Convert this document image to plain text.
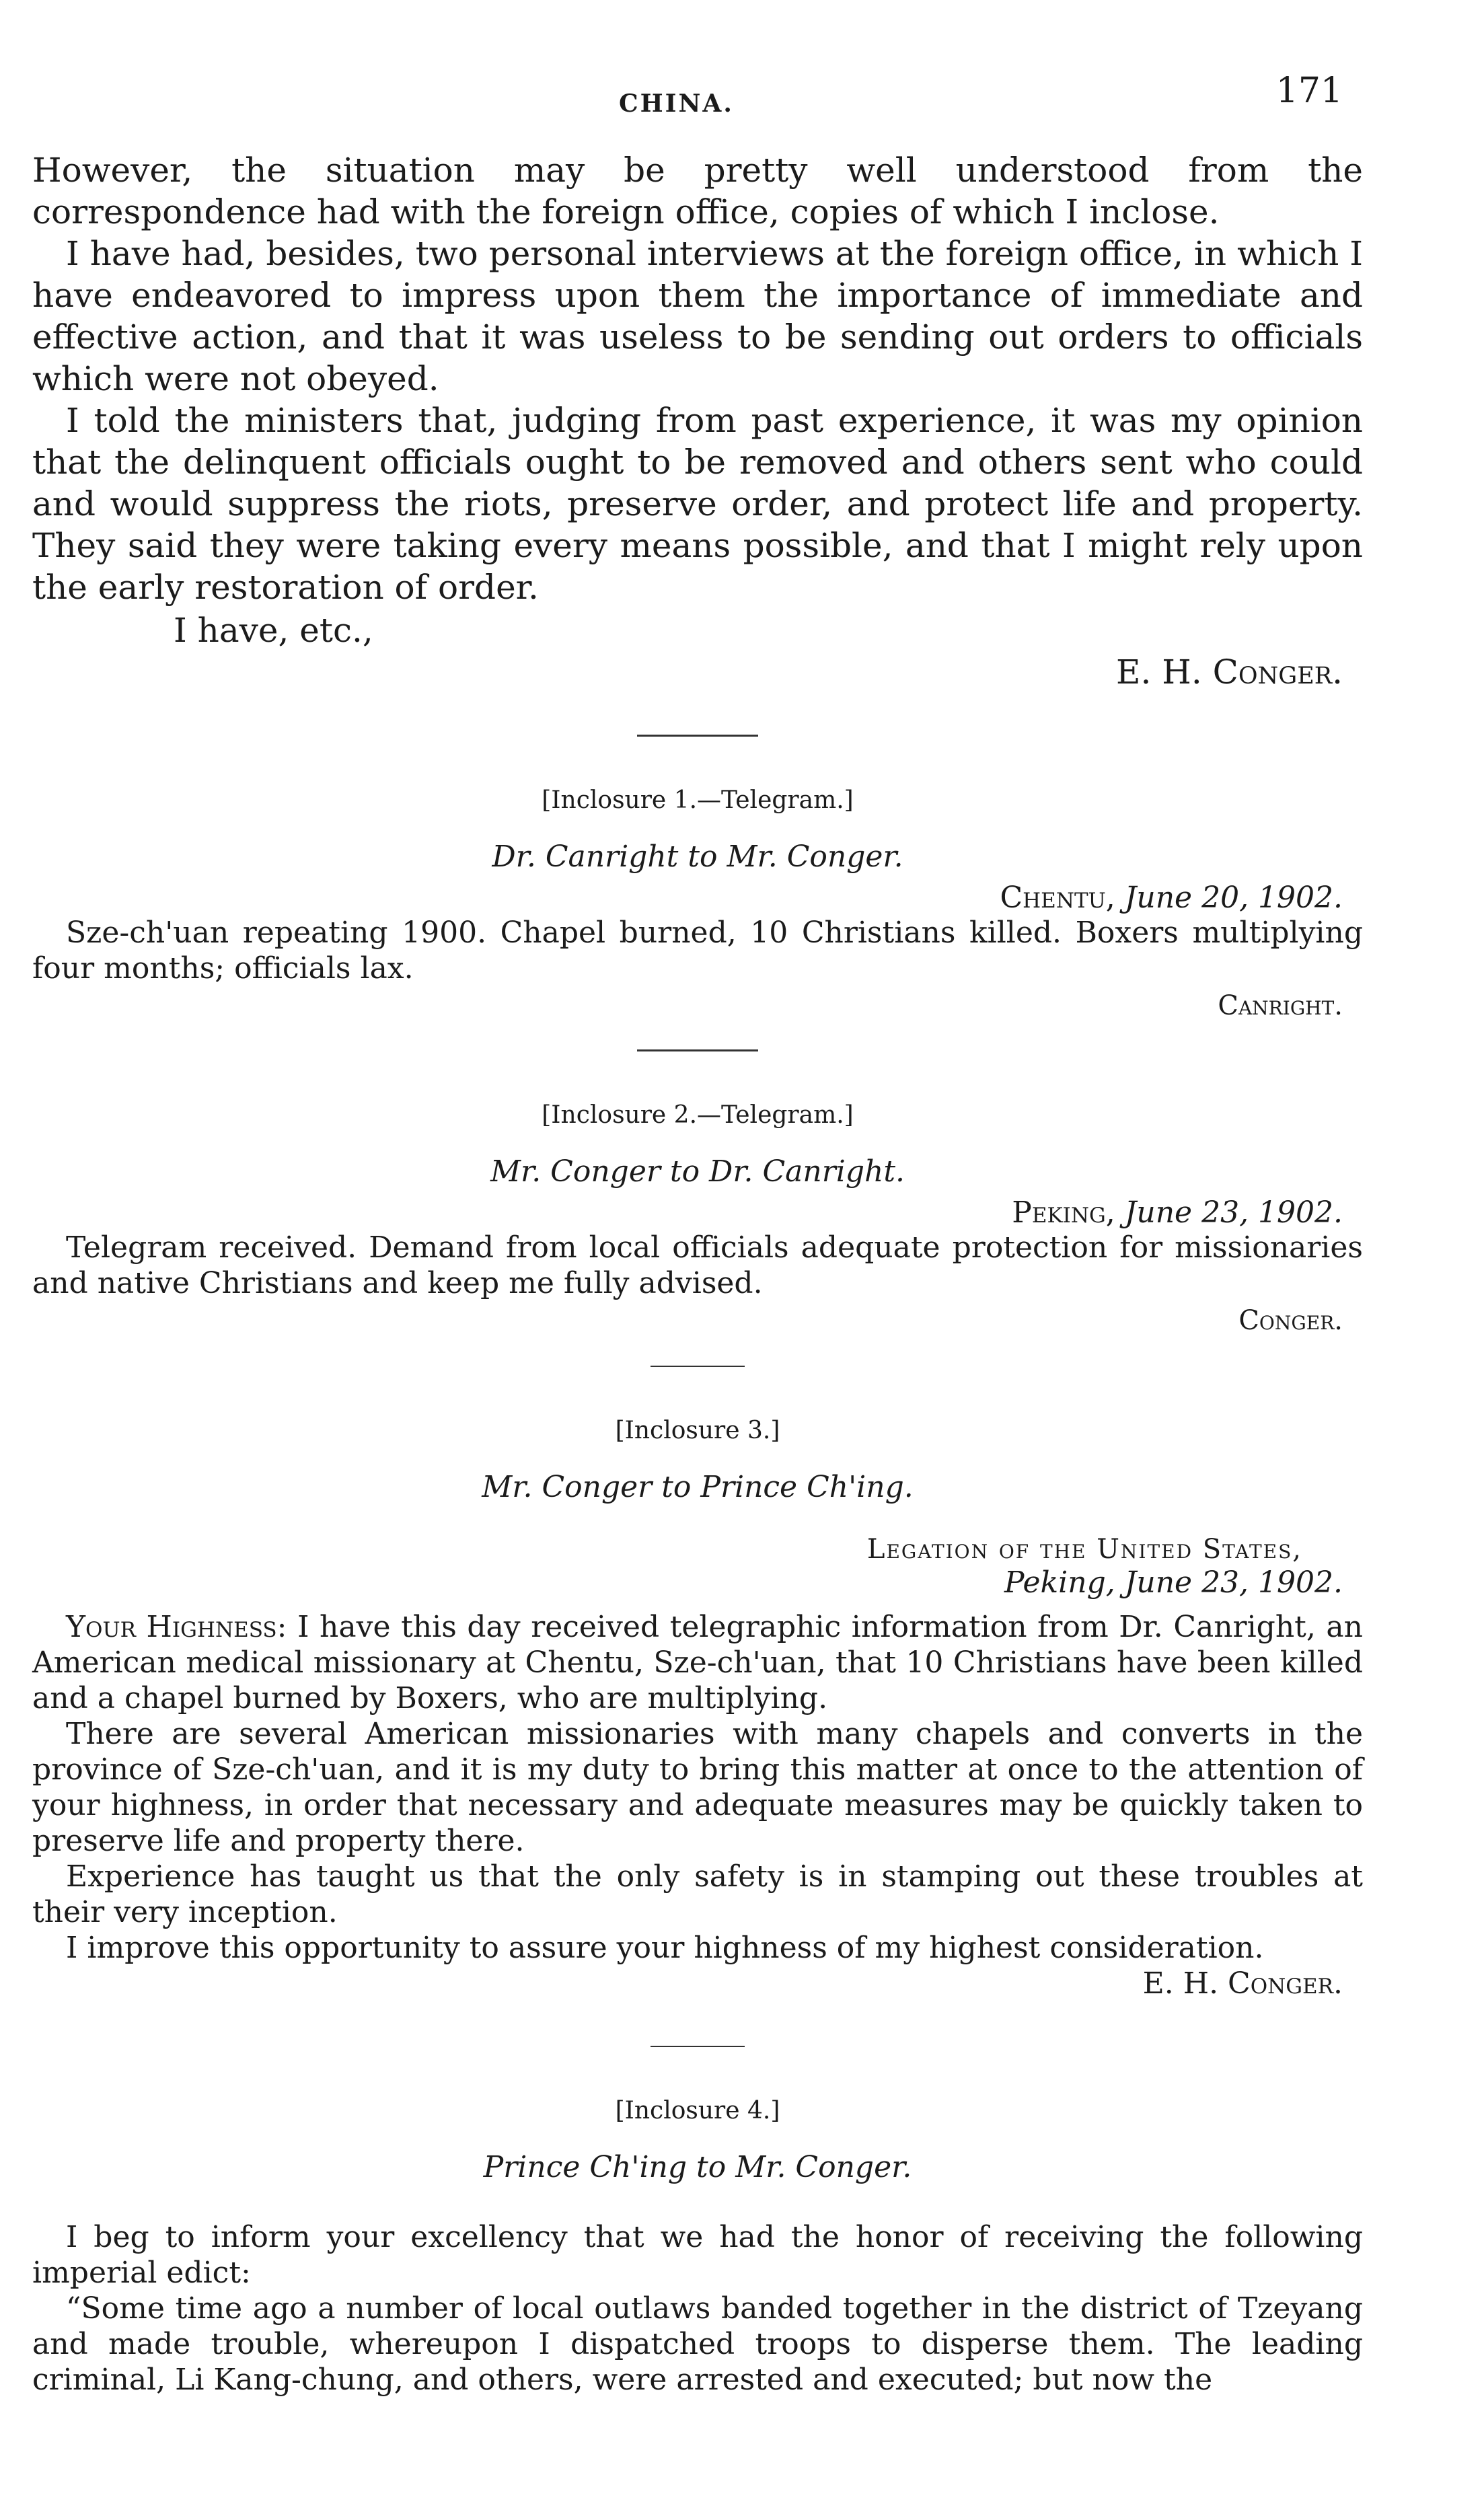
CHINA.	171

However, the situation may be pretty well understood from the correspondence had with the foreign office, copies of which I inclose.

I have had, besides, two personal interviews at the foreign office, in which I have endeavored to impress upon them the importance of immediate and effective action, and that it was useless to be sending out orders to officials which were not obeyed.

I told the ministers that, judging from past experience, it was my opinion that the delinquent officials ought to be removed and others sent who could and would suppress the riots, preserve order, and protect life and property. They said they were taking every means possible, and that I might rely upon the early restoration of order.

I have, etc.,

E. H. Conger.

[Inclosure 1.—Telegram.]
Dr. Canright to Mr. Conger.
Chentu, June 20, 1902.

Sze-ch'uan repeating 1900. Chapel burned, 10 Christians killed. Boxers multiplying four months; officials lax.

Canright.
[Inclosure 2.—Telegram.]
Mr. Conger to Dr. Canright.
Peking, June 23, 1902.

Telegram received. Demand from local officials adequate protection for missionaries and native Christians and keep me fully advised.

Conger.
[Inclosure 3.]
Mr. Conger to Prince Ch'ing.
Legation of the United States,
Peking, June 23, 1902.

Your Highness: I have this day received telegraphic information from Dr. Canright, an American medical missionary at Chentu, Sze-ch'uan, that 10 Christians have been killed and a chapel burned by Boxers, who are multiplying.

There are several American missionaries with many chapels and converts in the province of Sze-ch'uan, and it is my duty to bring this matter at once to the attention of your highness, in order that necessary and adequate measures may be quickly taken to preserve life and property there.

Experience has taught us that the only safety is in stamping out these troubles at their very inception.

I improve this opportunity to assure your highness of my highest consideration.

E. H. Conger.
[Inclosure 4.]
Prince Ch'ing to Mr. Conger.

I beg to inform your excellency that we had the honor of receiving the following imperial edict:

“Some time ago a number of local outlaws banded together in the district of Tzeyang and made trouble, whereupon I dispatched troops to disperse them. The leading criminal, Li Kang-chung, and others, were arrested and executed; but now the
